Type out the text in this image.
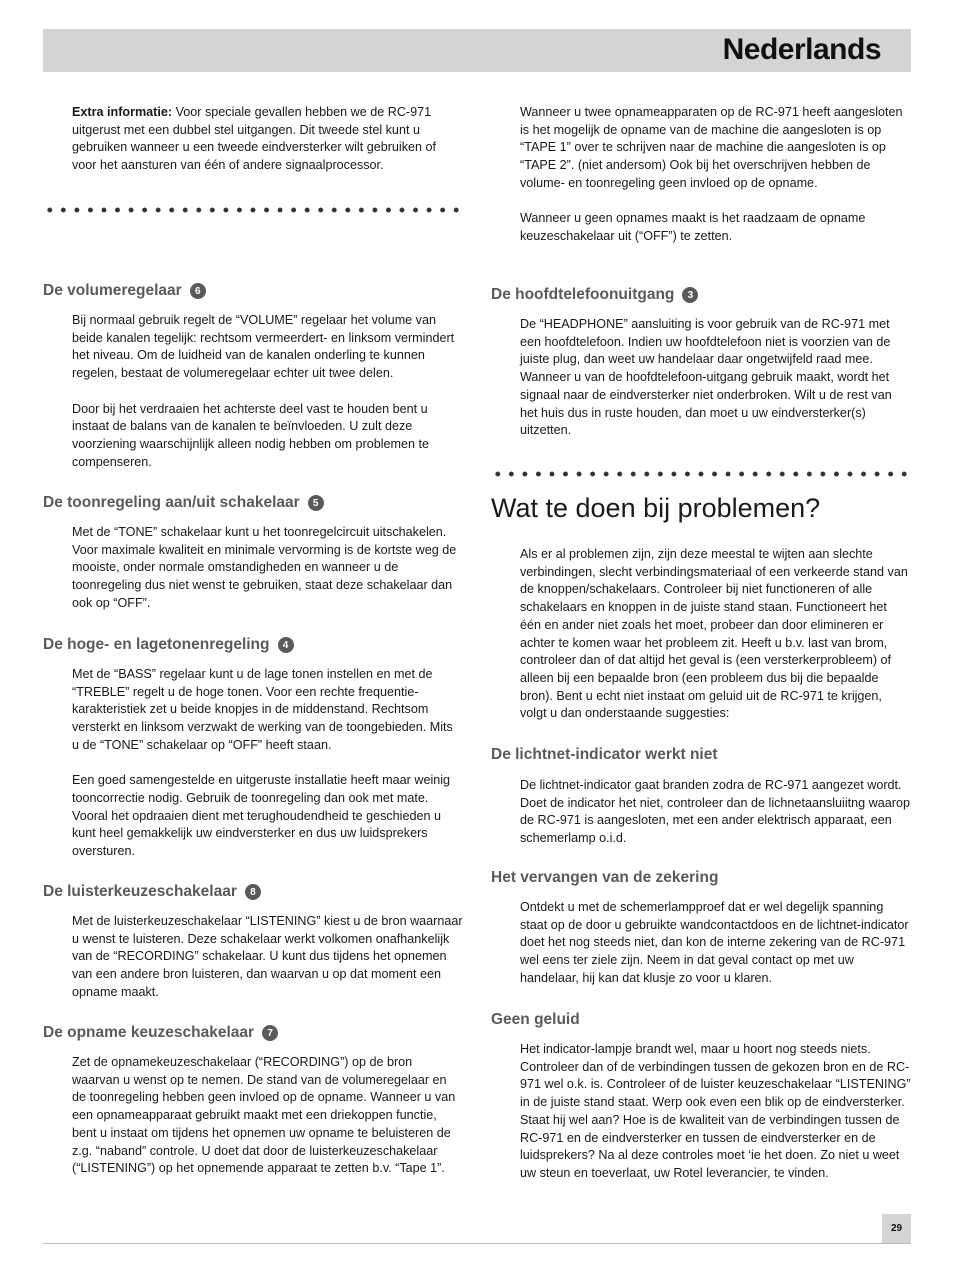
Nederlands

Extra informatie: Voor speciale gevallen hebben we de RC-971 uitgerust met een dubbel stel uitgangen. Dit tweede stel kunt u gebruiken wanneer u een tweede eindversterker wilt gebruiken of voor het aansturen van één of andere signaalprocessor.

De volumeregelaar	6

Bij normaal gebruik regelt de “VOLUME” regelaar het volume van beide kanalen tegelijk: rechtsom vermeerdert- en linksom vermindert het niveau. Om de luidheid van de kanalen onderling te kunnen regelen, bestaat de volumeregelaar echter uit twee delen.

Door bij het verdraaien het achterste deel vast te houden bent u instaat de balans van de kanalen te beïnvloeden. U zult deze voorziening waarschijnlijk alleen nodig hebben om problemen te compenseren.

De toonregeling aan/uit schakelaar	5

Met de “TONE” schakelaar kunt u het toonregelcircuit uitschakelen. Voor maximale kwaliteit en minimale vervorming is de kortste weg de mooiste, onder normale omstandigheden en wanneer u de toonregeling dus niet wenst te gebruiken, staat deze schakelaar dan ook op “OFF”.

De hoge- en lagetonenregeling	4

Met de “BASS” regelaar kunt u de lage tonen instellen en met de “TREBLE” regelt u de hoge tonen. Voor een rechte frequentie-karakteristiek zet u beide knopjes in de middenstand. Rechtsom versterkt en linksom verzwakt de werking van de toongebieden. Mits u de “TONE” schakelaar op “OFF” heeft staan.

Een goed samengestelde en uitgeruste installatie heeft maar weinig tooncorrectie nodig. Gebruik de toonregeling dan ook met mate. Vooral het opdraaien dient met terughoudendheid te geschieden u kunt heel gemakkelijk uw eindversterker en dus uw luidsprekers oversturen.

De luisterkeuzeschakelaar	8

Met de luisterkeuzeschakelaar “LISTENING” kiest u de bron waarnaar u wenst te luisteren. Deze schakelaar werkt volkomen onafhankelijk van de “RECORDING” schakelaar. U kunt dus tijdens het opnemen van een andere bron luisteren, dan waarvan u op dat moment een opname maakt.

De opname keuzeschakelaar	7

Zet de opnamekeuzeschakelaar (“RECORDING”) op de bron waarvan u wenst op te nemen. De stand van de volumeregelaar en de toonregeling hebben geen invloed op de opname. Wanneer u van een opnameapparaat gebruikt maakt met een driekoppen functie, bent u instaat om tijdens het opnemen uw opname te beluisteren de z.g. “naband” controle. U doet dat door de luisterkeuzeschakelaar (“LISTENING”) op het opnemende apparaat te zetten b.v. “Tape 1”.

Wanneer u twee opnameapparaten op de RC-971 heeft aangesloten is het mogelijk de opname van de machine die aangesloten is op “TAPE 1” over te schrijven naar de machine die aangesloten is op “TAPE 2”. (niet andersom) Ook bij het overschrijven hebben de volume- en toonregeling geen invloed op de opname.

Wanneer u geen opnames maakt is het raadzaam de opname keuzeschakelaar uit (“OFF”) te zetten.

De hoofdtelefoonuitgang	3

De “HEADPHONE” aansluiting is voor gebruik van de RC-971 met een hoofdtelefoon. Indien uw hoofdtelefoon niet is voorzien van de juiste plug, dan weet uw handelaar daar ongetwijfeld raad mee. Wanneer u van de hoofdtelefoon-uitgang gebruik maakt, wordt het signaal naar de eindversterker niet onderbroken. Wilt u de rest van het huis dus in ruste houden, dan moet u uw eindversterker(s) uitzetten.

Wat te doen bij problemen?

Als er al problemen zijn, zijn deze meestal te wijten aan slechte verbindingen, slecht verbindingsmateriaal of een verkeerde stand van de knoppen/schakelaars. Controleer bij niet functioneren of alle schakelaars en knoppen in de juiste stand staan. Functioneert het één en ander niet zoals het moet, probeer dan door elimineren er achter te komen waar het probleem zit. Heeft u b.v. last van brom, controleer dan of dat altijd het geval is (een versterkerprobleem) of alleen bij een bepaalde bron (een probleem dus bij die bepaalde bron). Bent u echt niet instaat om geluid uit de RC-971 te krijgen, volgt u dan onderstaande suggesties:

De lichtnet-indicator werkt niet

De lichtnet-indicator gaat branden zodra de RC-971 aangezet wordt. Doet de indicator het niet, controleer dan de lichnetaansluiitng waarop de RC-971 is aangesloten, met een ander elektrisch apparaat, een schemerlamp o.i.d.

Het vervangen van de zekering

Ontdekt u met de schemerlampproef dat er wel degelijk spanning staat op de door u gebruikte wandcontactdoos en de lichtnet-indicator doet het nog steeds niet, dan kon de interne zekering van de RC-971 wel eens ter ziele zijn. Neem in dat geval contact op met uw handelaar, hij kan dat klusje zo voor u klaren.

Geen geluid

Het indicator-lampje brandt wel, maar u hoort nog steeds niets. Controleer dan of de verbindingen tussen de gekozen bron en de RC-971 wel o.k. is. Controleer of de luister keuzeschakelaar “LISTENING” in de juiste stand staat. Werp ook even een blik op de eindversterker. Staat hij wel aan? Hoe is de kwaliteit van de verbindingen tussen de RC-971 en de eindversterker en tussen de eindversterker en de luidsprekers? Na al deze controles moet ‘ie het doen. Zo niet u weet uw steun en toeverlaat, uw Rotel leverancier, te vinden.

29
